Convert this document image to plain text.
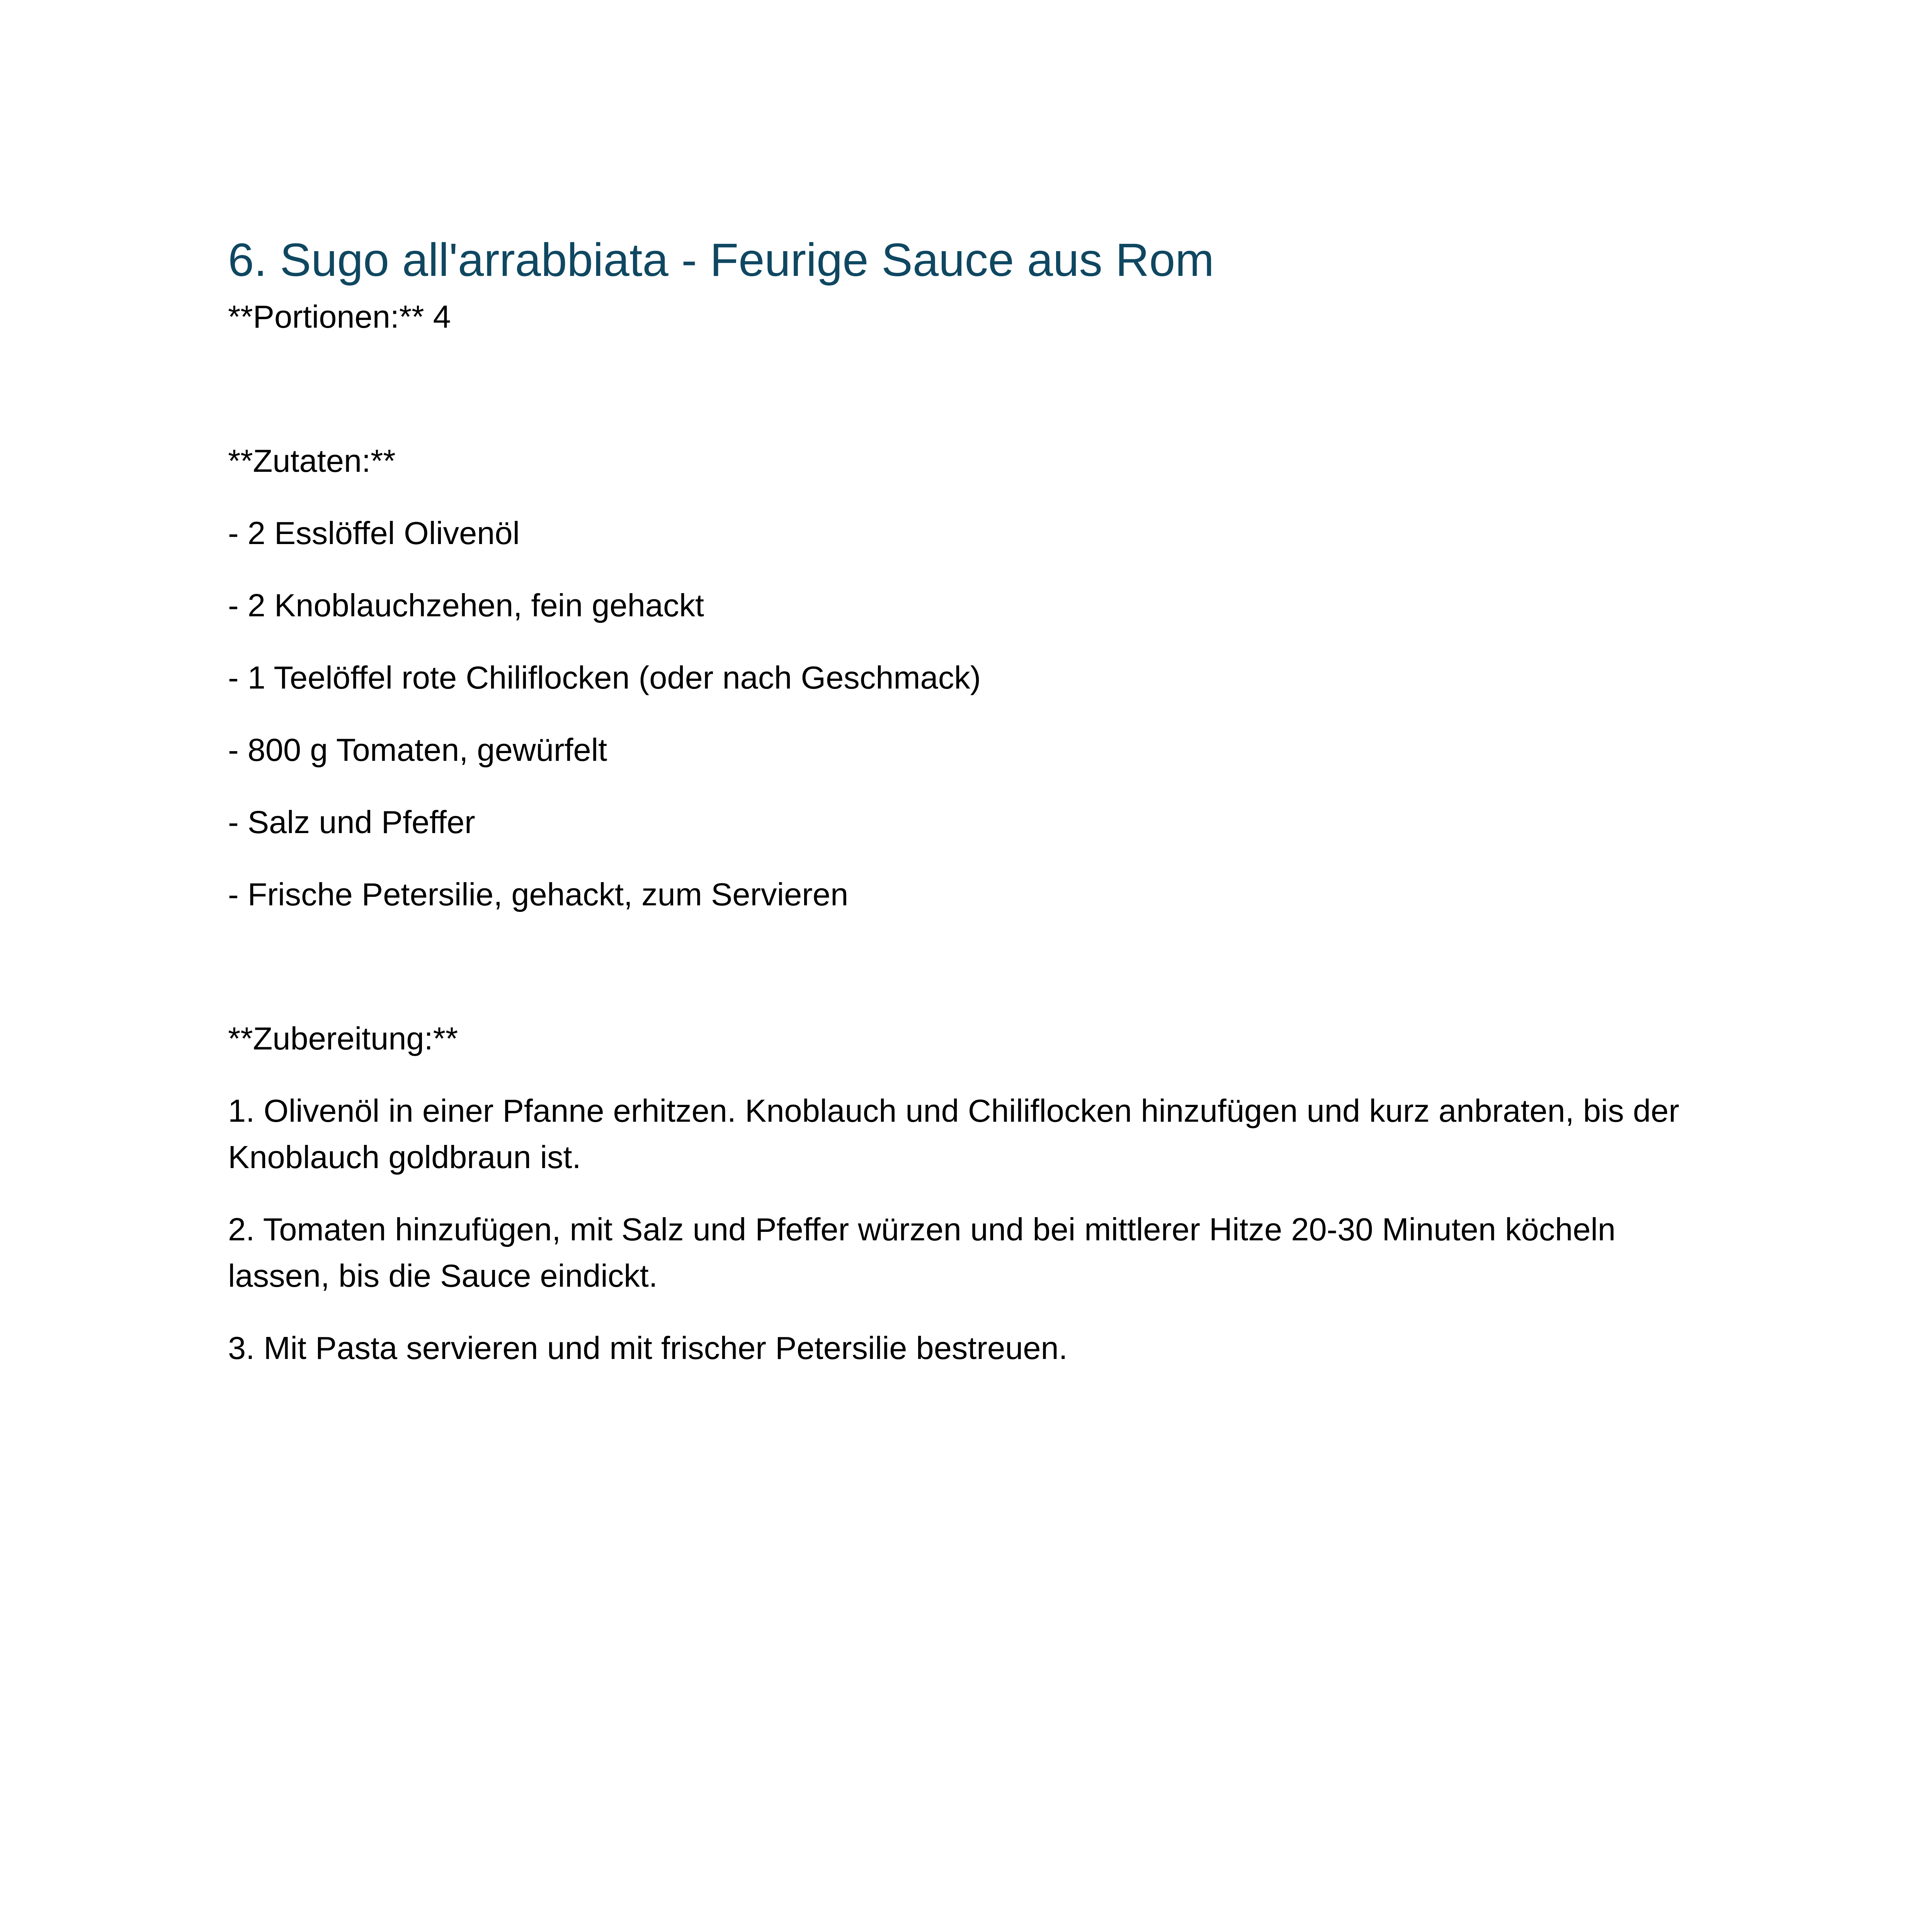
6. Sugo all'arrabbiata - Feurige Sauce aus Rom

**Portionen:** 4

**Zutaten:**

- 2 Esslöffel Olivenöl
- 2 Knoblauchzehen, fein gehackt
- 1 Teelöffel rote Chiliflocken (oder nach Geschmack)
- 800 g Tomaten, gewürfelt
- Salz und Pfeffer
- Frische Petersilie, gehackt, zum Servieren

**Zubereitung:**

1. Olivenöl in einer Pfanne erhitzen. Knoblauch und Chiliflocken hinzufügen und kurz anbraten, bis der Knoblauch goldbraun ist.
2. Tomaten hinzufügen, mit Salz und Pfeffer würzen und bei mittlerer Hitze 20-30 Minuten köcheln lassen, bis die Sauce eindickt.
3. Mit Pasta servieren und mit frischer Petersilie bestreuen.
